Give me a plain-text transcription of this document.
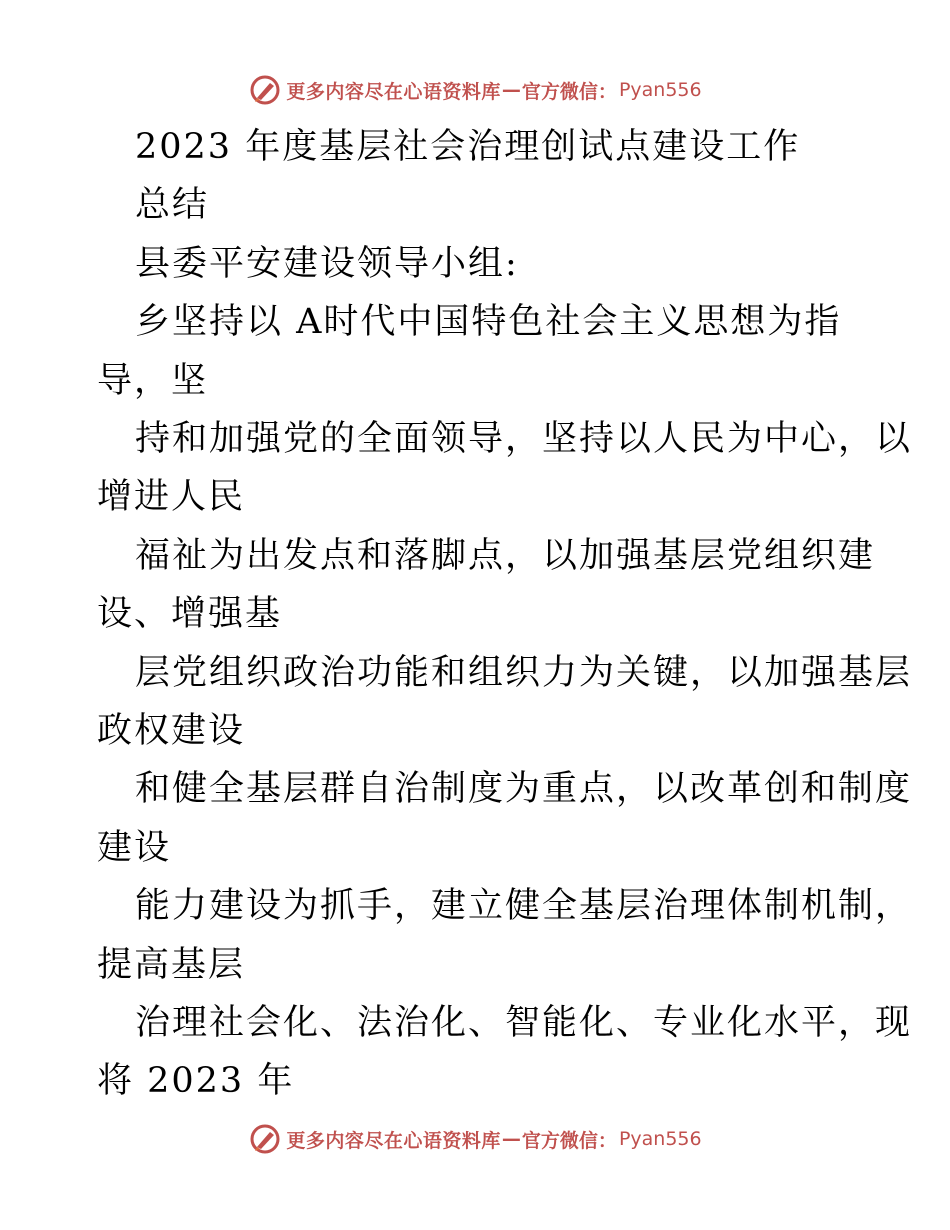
更多内容尽在心语资料库 — 官方微信： Pyan556
2023 年度基层社会治理创试点建设工作
总结
县委平安建设领导小组:
乡坚持以 A时代中国特色社会主义思想为指
导，坚
持和加强党的全面领导，坚持以人民为中心，以
增进人民
福祉为出发点和落脚点，以加强基层党组织建
设、增强基
层党组织政治功能和组织力为关键，以加强基层
政权建设
和健全基层群自治制度为重点，以改革创和制度
建设
能力建设为抓手，建立健全基层治理体制机制，
提高基层
治理社会化、法治化、智能化、专业化水平，现
将 2023 年
更多内容尽在心语资料库 — 官方微信： Pyan556
